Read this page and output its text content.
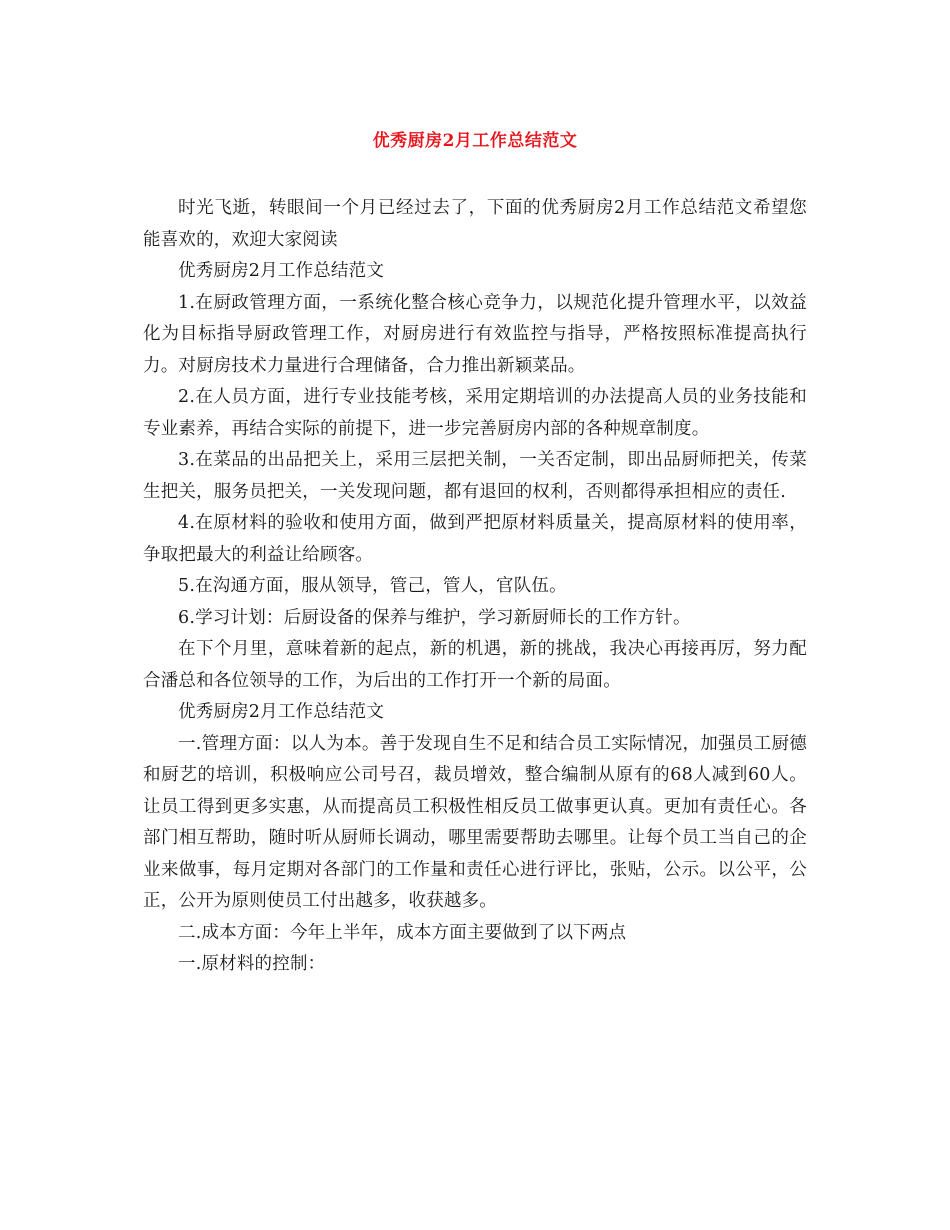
优秀厨房2月工作总结范文

时光飞逝，转眼间一个月已经过去了，下面的优秀厨房2月工作总结范文希望您能喜欢的，欢迎大家阅读

优秀厨房2月工作总结范文

1.在厨政管理方面，一系统化整合核心竞争力，以规范化提升管理水平，以效益化为目标指导厨政管理工作，对厨房进行有效监控与指导，严格按照标准提高执行力。对厨房技术力量进行合理储备，合力推出新颖菜品。

2.在人员方面，进行专业技能考核，采用定期培训的办法提高人员的业务技能和专业素养，再结合实际的前提下，进一步完善厨房内部的各种规章制度。

3.在菜品的出品把关上，采用三层把关制，一关否定制，即出品厨师把关，传菜生把关，服务员把关，一关发现问题，都有退回的权利，否则都得承担相应的责任.

4.在原材料的验收和使用方面，做到严把原材料质量关，提高原材料的使用率，争取把最大的利益让给顾客。

5.在沟通方面，服从领导，管己，管人，官队伍。

6.学习计划：后厨设备的保养与维护，学习新厨师长的工作方针。

在下个月里，意味着新的起点，新的机遇，新的挑战，我决心再接再厉，努力配合潘总和各位领导的工作，为后出的工作打开一个新的局面。

优秀厨房2月工作总结范文

一.管理方面：以人为本。善于发现自生不足和结合员工实际情况，加强员工厨德和厨艺的培训，积极响应公司号召，裁员增效，整合编制从原有的68人减到60人。让员工得到更多实惠，从而提高员工积极性相反员工做事更认真。更加有责任心。各部门相互帮助，随时听从厨师长调动，哪里需要帮助去哪里。让每个员工当自己的企业来做事，每月定期对各部门的工作量和责任心进行评比，张贴，公示。以公平，公正，公开为原则使员工付出越多，收获越多。

二.成本方面：今年上半年，成本方面主要做到了以下两点

一.原材料的控制：
